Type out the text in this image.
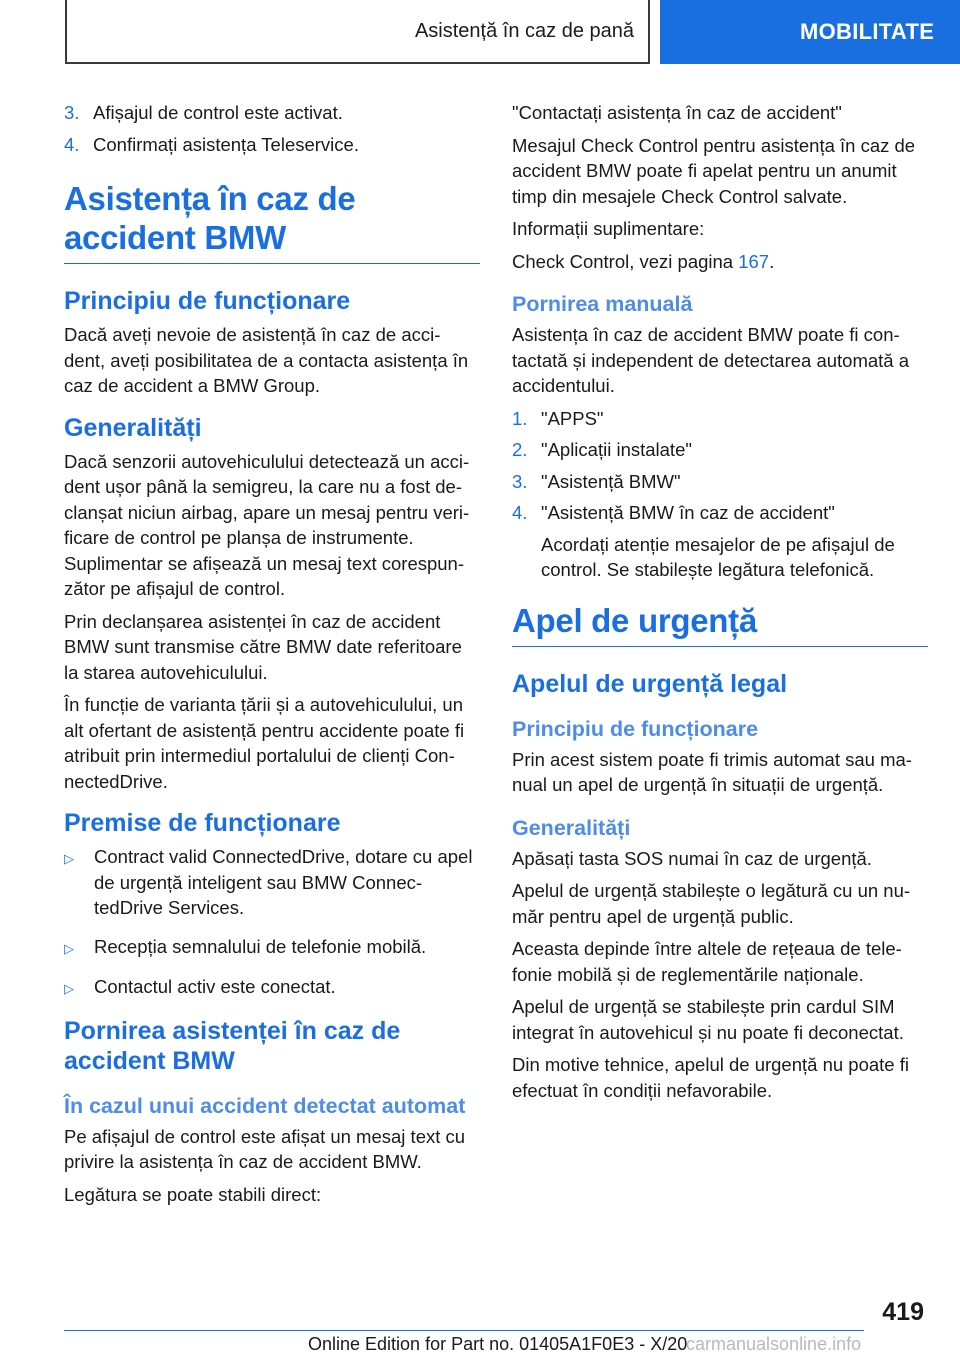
Asistență în caz de pană	MOBILITATE
3. Afișajul de control este activat.
4. Confirmați asistența Teleservice.
Asistența în caz de accident BMW
Principiu de funcționare

Dacă aveți nevoie de asistență în caz de acci-dent, aveți posibilitatea de a contacta asistența în caz de accident a BMW Group.

Generalități

Dacă senzorii autovehiculului detectează un acci-dent ușor până la semigreu, la care nu a fost de-clanșat niciun airbag, apare un mesaj pentru veri-ficare de control pe planșa de instrumente. Suplimentar se afișează un mesaj text corespun-zător pe afișajul de control.

Prin declanșarea asistenței în caz de accident BMW sunt transmise către BMW date referitoare la starea autovehiculului.

În funcție de varianta țării și a autovehiculului, un alt ofertant de asistență pentru accidente poate fi atribuit prin intermediul portalului de clienți Con-nectedDrive.

Premise de funcționare
▷	Contract valid ConnectedDrive, dotare cu apel de urgență inteligent sau BMW Connec-tedDrive Services.
▷	Recepția semnalului de telefonie mobilă.
▷	Contactul activ este conectat.
Pornirea asistenței în caz de accident BMW
În cazul unui accident detectat automat

Pe afișajul de control este afișat un mesaj text cu privire la asistența în caz de accident BMW.

Legătura se poate stabili direct:

"Contactați asistența în caz de accident"

Mesajul Check Control pentru asistența în caz de accident BMW poate fi apelat pentru un anumit timp din mesajele Check Control salvate.

Informații suplimentare:

Check Control, vezi pagina 167.

Pornirea manuală

Asistența în caz de accident BMW poate fi con-tactată și independent de detectarea automată a accidentului.

1. "APPS"
2. "Aplicații instalate"
3. "Asistență BMW"
4. "Asistență BMW în caz de accident"
Acordați atenție mesajelor de pe afișajul de control. Se stabilește legătura telefonică.
Apel de urgență
Apelul de urgență legal
Principiu de funcționare

Prin acest sistem poate fi trimis automat sau ma-nual un apel de urgență în situații de urgență.

Generalități

Apăsați tasta SOS numai în caz de urgență.

Apelul de urgență stabilește o legătură cu un nu-măr pentru apel de urgență public.

Aceasta depinde între altele de rețeaua de tele-fonie mobilă și de reglementările naționale.

Apelul de urgență se stabilește prin cardul SIM integrat în autovehicul și nu poate fi deconectat.

Din motive tehnice, apelul de urgență nu poate fi efectuat în condiții nefavorabile.

419
Online Edition for Part no. 01405A1F0E3 - X/20
carmanualsonline.info
